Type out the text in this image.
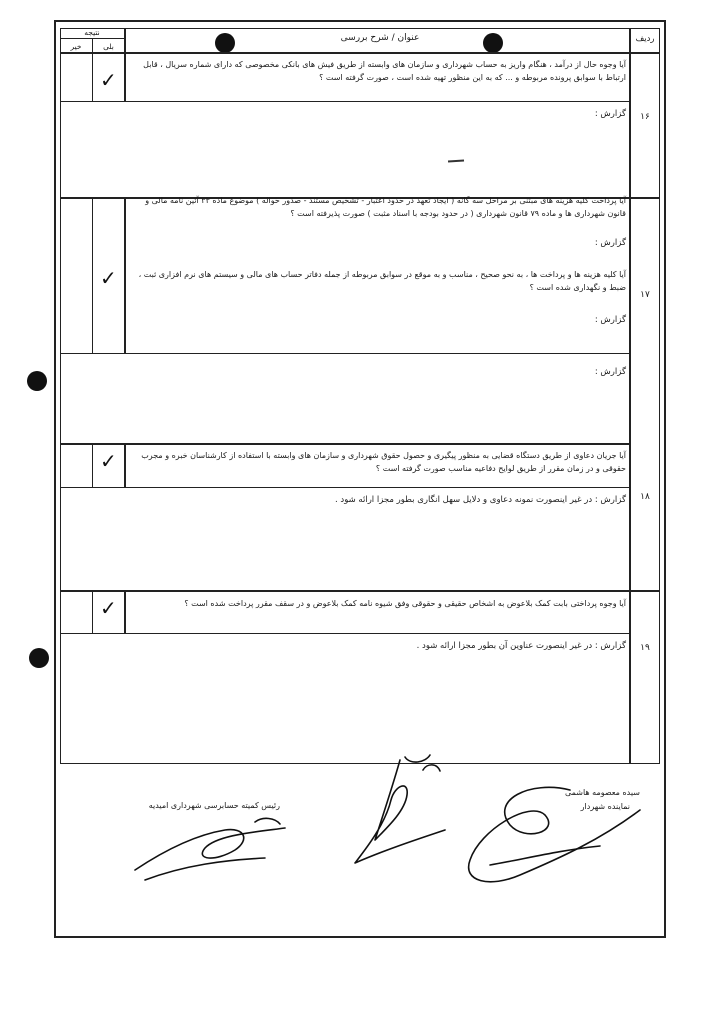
ردیف
عنوان / شرح بررسی
نتیجه
بلی
خیر
۱۶
آیا وجوه حال از درآمد ، هنگام واریز به حساب شهرداری و سازمان های وابسته از طریق فیش های بانکی مخصوصی که دارای شماره سریال ، قابل ارتباط با سوابق پرونده مربوطه و ... که به این منظور تهیه شده است ، صورت گرفته است ؟
گزارش :
✓
۱۷
آیا پرداخت کلیه هزینه های مبتنی بر مراحل سه گانه ( ایجاد تعهد در حدود اعتبار - تشخیص مستند - صدور حواله ) موضوع ماده ۳۳ آئین نامه مالی و قانون شهرداری ها و ماده ۷۹ قانون شهرداری ( در حدود بودجه با اسناد مثبت ) صورت پذیرفته است ؟
گزارش :
آیا کلیه هزینه ها و پرداخت ها ، به نحو صحیح ، مناسب و به موقع در سوابق مربوطه از جمله دفاتر حساب های مالی و سیستم های نرم افزاری ثبت ، ضبط و نگهداری شده است ؟
گزارش :
گزارش :
✓
۱۸
آیا جریان دعاوی از طریق دستگاه قضایی به منظور پیگیری و حصول حقوق شهرداری و سازمان های وابسته با استفاده از کارشناسان خبره و مجرب حقوقی و در زمان مقرر از طریق لوایح دفاعیه مناسب صورت گرفته است ؟
گزارش : در غیر اینصورت نمونه دعاوی و دلایل سهل انگاری بطور مجزا ارائه شود .
✓
۱۹
آیا وجوه پرداختی بابت کمک بلاعوض به اشخاص حقیقی و حقوقی وفق شیوه نامه کمک بلاعوض و در سقف مقرر پرداخت شده است ؟
گزارش : در غیر اینصورت عناوین آن بطور مجزا ارائه شود .
✓
سیده معصومه هاشمی
نماینده شهردار
رئیس کمیته حسابرسی شهرداری امیدیه
